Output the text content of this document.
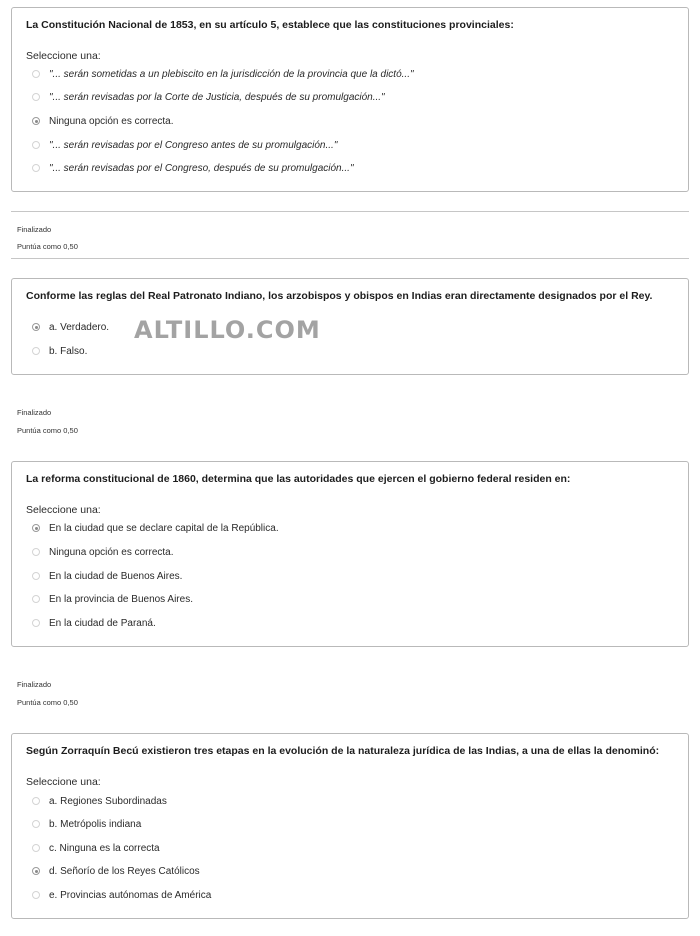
La Constitución Nacional de 1853, en su artículo 5, establece que las constituciones provinciales:
Seleccione una:
"... serán sometidas a un plebiscito en la jurisdicción de la provincia que la dictó..."
"... serán revisadas por la Corte de Justicia, después de su promulgación..."
Ninguna opción es correcta.
"... serán revisadas por el Congreso antes de su promulgación..."
"... serán revisadas por el Congreso, después de su promulgación..."
Finalizado
Puntúa como 0,50
Conforme las reglas del Real Patronato Indiano, los arzobispos y obispos en Indias eran directamente designados por el Rey.
a. Verdadero.
b. Falso.
ALTILLO.COM
Finalizado
Puntúa como 0,50
La reforma constitucional de 1860, determina que las autoridades que ejercen el gobierno federal residen en:
Seleccione una:
En la ciudad que se declare capital de la República.
Ninguna opción es correcta.
En la ciudad de Buenos Aires.
En la provincia de Buenos Aires.
En la ciudad de Paraná.
Finalizado
Puntúa como 0,50
Según Zorraquín Becú existieron tres etapas en la evolución de la naturaleza jurídica de las Indias, a una de ellas la denominó:
Seleccione una:
a. Regiones Subordinadas
b. Metrópolis indiana
c. Ninguna es la correcta
d. Señorío de los Reyes Católicos
e. Provincias autónomas de América
